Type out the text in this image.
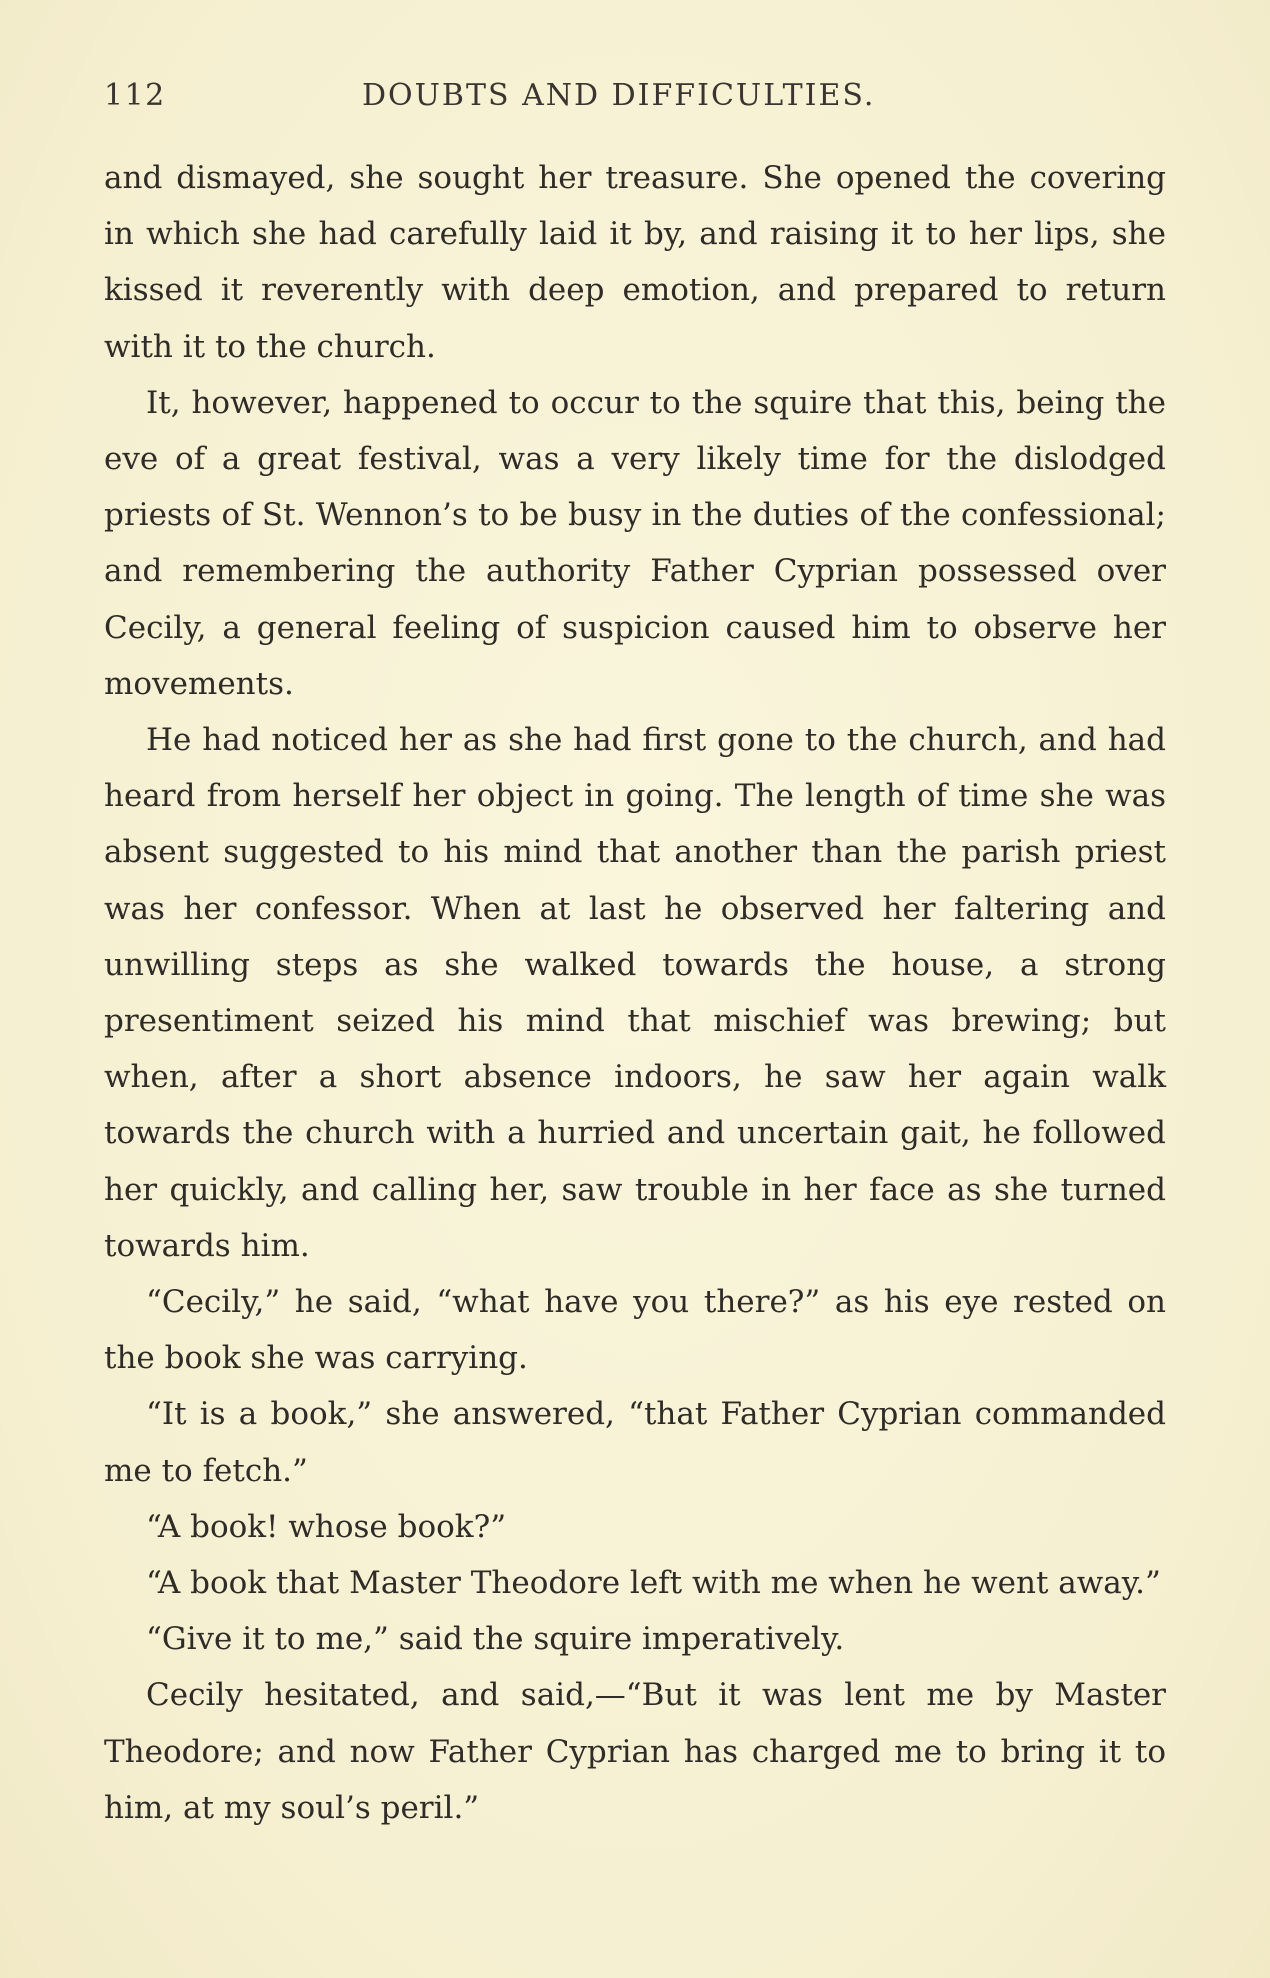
112	DOUBTS AND DIFFICULTIES.

and dismayed, she sought her treasure. She opened the covering in which she had carefully laid it by, and raising it to her lips, she kissed it reverently with deep emotion, and prepared to return with it to the church.

It, however, happened to occur to the squire that this, being the eve of a great festival, was a very likely time for the dislodged priests of St. Wennon’s to be busy in the duties of the confessional; and remembering the authority Father Cyprian possessed over Cecily, a general feeling of suspicion caused him to observe her movements.

He had noticed her as she had first gone to the church, and had heard from herself her object in going. The length of time she was absent suggested to his mind that another than the parish priest was her confessor. When at last he observed her faltering and unwilling steps as she walked towards the house, a strong presentiment seized his mind that mischief was brewing; but when, after a short absence indoors, he saw her again walk towards the church with a hurried and uncertain gait, he followed her quickly, and calling her, saw trouble in her face as she turned towards him.

“Cecily,” he said, “what have you there?” as his eye rested on the book she was carrying.

“It is a book,” she answered, “that Father Cyprian commanded me to fetch.”

“A book! whose book?”

“A book that Master Theodore left with me when he went away.”

“Give it to me,” said the squire imperatively.

Cecily hesitated, and said,—“But it was lent me by Master Theodore; and now Father Cyprian has charged me to bring it to him, at my soul’s peril.”
